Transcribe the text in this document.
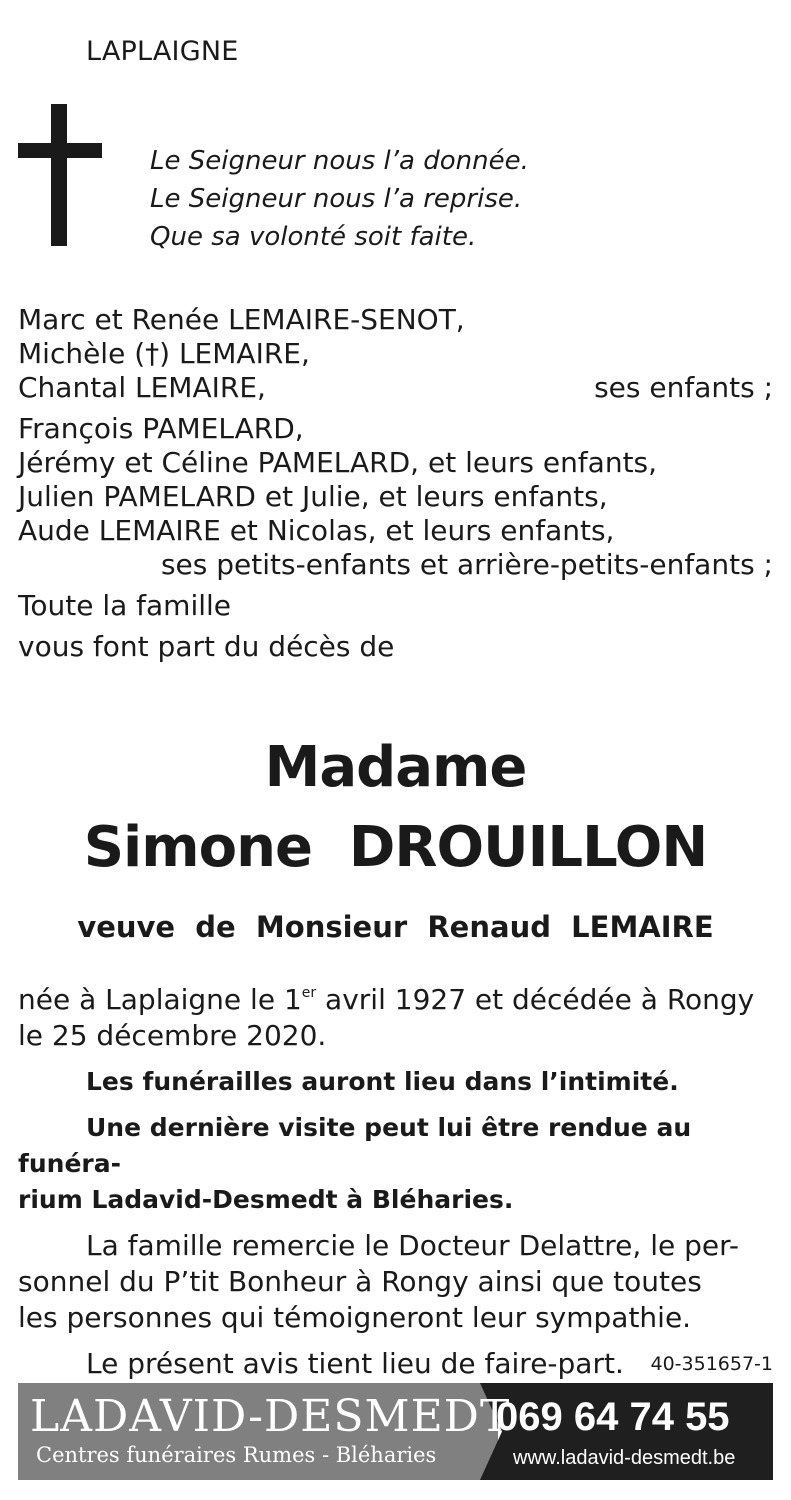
LAPLAIGNE
Le Seigneur nous l’a donnée.
Le Seigneur nous l’a reprise.
Que sa volonté soit faite.
Marc et Renée LEMAIRE-SENOT,
Michèle (†) LEMAIRE,
Chantal LEMAIRE,	ses enfants ;
François PAMELARD,
Jérémy et Céline PAMELARD, et leurs enfants,
Julien PAMELARD et Julie, et leurs enfants,
Aude LEMAIRE et Nicolas, et leurs enfants,
ses petits-enfants et arrière-petits-enfants ;
Toute la famille
vous font part du décès de
Madame
Simone  DROUILLON
veuve  de  Monsieur  Renaud  LEMAIRE

née à Laplaigne le 1er avril 1927 et décédée à Rongy

le 25 décembre 2020.

Les funérailles auront lieu dans l’intimité.

Une dernière visite peut lui être rendue au funéra-

rium Ladavid-Desmedt à Bléharies.

La famille remercie le Docteur Delattre, le per-

sonnel du P’tit Bonheur à Rongy ainsi que toutes

les personnes qui témoigneront leur sympathie.

Le présent avis tient lieu de faire-part.	40-351657-1
LADAVID-DESMEDT
Centres funéraires Rumes - Bléharies
069 64 74 55
www.ladavid-desmedt.be
